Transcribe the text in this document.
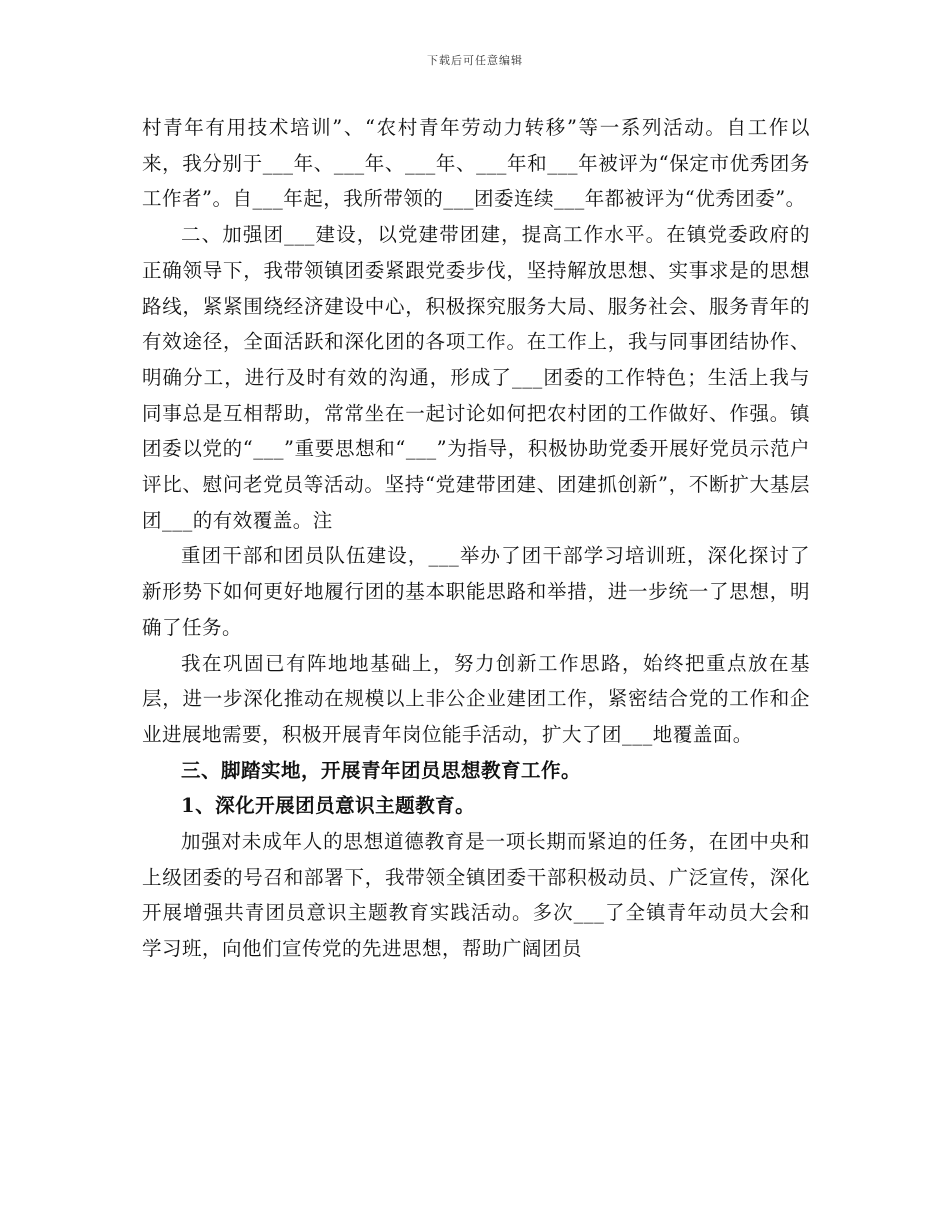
下载后可任意编辑

村青年有用技术培训”、“农村青年劳动力转移”等一系列活动。自工作以来，我分别于___年、___年、___年、___年和___年被评为“保定市优秀团务工作者”。自___年起，我所带领的___团委连续___年都被评为“优秀团委”。

二、加强团___建设，以党建带团建，提高工作水平。在镇党委政府的正确领导下，我带领镇团委紧跟党委步伐，坚持解放思想、实事求是的思想路线，紧紧围绕经济建设中心，积极探究服务大局、服务社会、服务青年的有效途径，全面活跃和深化团的各项工作。在工作上，我与同事团结协作、明确分工，进行及时有效的沟通，形成了___团委的工作特色；生活上我与同事总是互相帮助，常常坐在一起讨论如何把农村团的工作做好、作强。镇团委以党的“___”重要思想和“___”为指导，积极协助党委开展好党员示范户评比、慰问老党员等活动。坚持“党建带团建、团建抓创新”，不断扩大基层团___的有效覆盖。注

重团干部和团员队伍建设，___举办了团干部学习培训班，深化探讨了新形势下如何更好地履行团的基本职能思路和举措，进一步统一了思想，明确了任务。

我在巩固已有阵地地基础上，努力创新工作思路，始终把重点放在基层，进一步深化推动在规模以上非公企业建团工作，紧密结合党的工作和企业进展地需要，积极开展青年岗位能手活动，扩大了团___地覆盖面。

三、脚踏实地，开展青年团员思想教育工作。

1、深化开展团员意识主题教育。

加强对未成年人的思想道德教育是一项长期而紧迫的任务，在团中央和上级团委的号召和部署下，我带领全镇团委干部积极动员、广泛宣传，深化开展增强共青团员意识主题教育实践活动。多次___了全镇青年动员大会和学习班，向他们宣传党的先进思想，帮助广阔团员
